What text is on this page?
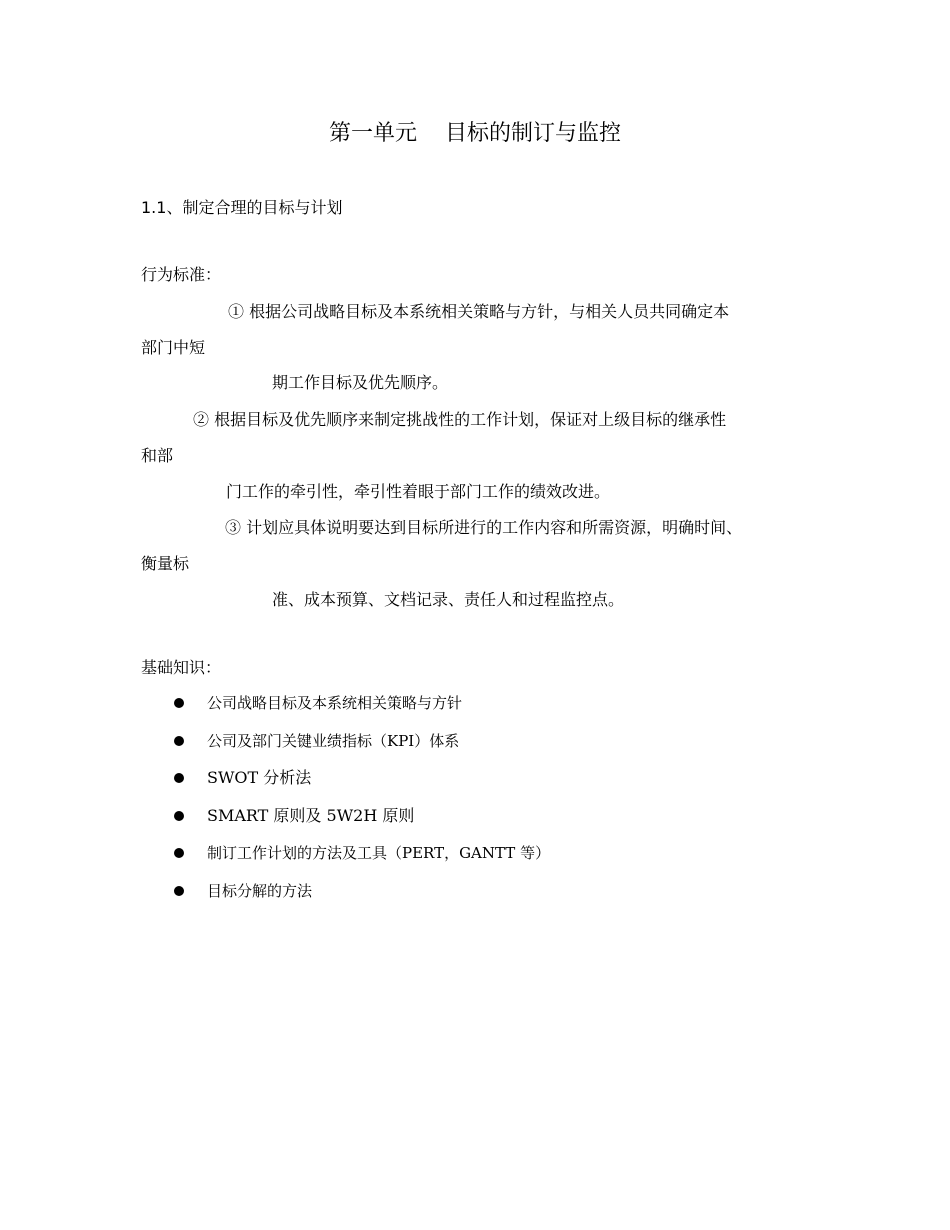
第一单元    目标的制订与监控
1.1、制定合理的目标与计划
行为标准：
① 根据公司战略目标及本系统相关策略与方针，与相关人员共同确定本
部门中短
期工作目标及优先顺序。
② 根据目标及优先顺序来制定挑战性的工作计划，保证对上级目标的继承性
和部
门工作的牵引性，牵引性着眼于部门工作的绩效改进。
③ 计划应具体说明要达到目标所进行的工作内容和所需资源，明确时间、
衡量标
准、成本预算、文档记录、责任人和过程监控点。
基础知识：
公司战略目标及本系统相关策略与方针
公司及部门关键业绩指标（KPI）体系
SWOT 分析法
SMART 原则及 5W2H 原则
制订工作计划的方法及工具（PERT，GANTT 等）
目标分解的方法
